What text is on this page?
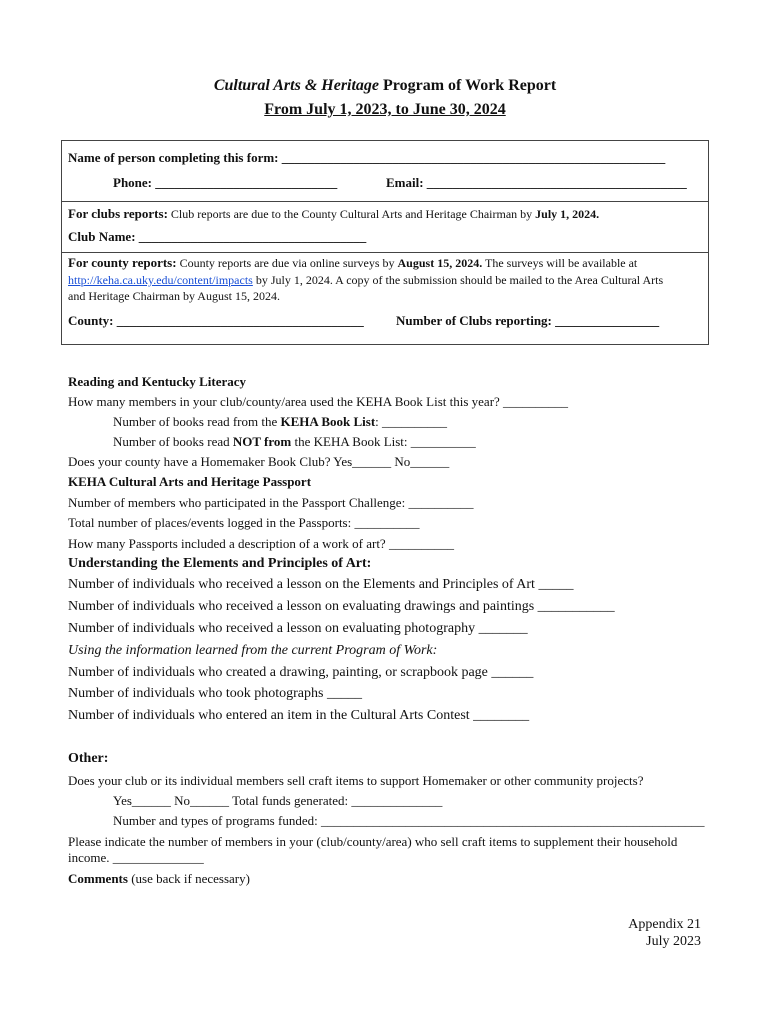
Cultural Arts & Heritage Program of Work Report
From July 1, 2023, to June 30, 2024
Name of person completing this form: ___________________________________________________________
Phone: ____________________________	Email: ________________________________________
For clubs reports: Club reports are due to the County Cultural Arts and Heritage Chairman by July 1, 2024.
Club Name: ___________________________________
For county reports: County reports are due via online surveys by August 15, 2024. The surveys will be available at
http://keha.ca.uky.edu/content/impacts by July 1, 2024. A copy of the submission should be mailed to the Area Cultural Arts
and Heritage Chairman by August 15, 2024.
County: ______________________________________ Number of Clubs reporting: ________________
Reading and Kentucky Literacy
How many members in your club/county/area used the KEHA Book List this year? __________
Number of books read from the KEHA Book List: __________
Number of books read NOT from the KEHA Book List: __________
Does your county have a Homemaker Book Club? Yes______ No______
KEHA Cultural Arts and Heritage Passport
Number of members who participated in the Passport Challenge: __________
Total number of places/events logged in the Passports: __________
How many Passports included a description of a work of art? __________
Understanding the Elements and Principles of Art:
Number of individuals who received a lesson on the Elements and Principles of Art _____
Number of individuals who received a lesson on evaluating drawings and paintings ___________
Number of individuals who received a lesson on evaluating photography _______
Using the information learned from the current Program of Work:
Number of individuals who created a drawing, painting, or scrapbook page ______
Number of individuals who took photographs _____
Number of individuals who entered an item in the Cultural Arts Contest ________
Other:
Does your club or its individual members sell craft items to support Homemaker or other community projects?
Yes______ No______ Total funds generated: ______________
Number and types of programs funded: ___________________________________________________________
Please indicate the number of members in your (club/county/area) who sell craft items to supplement their household
income. ______________
Comments (use back if necessary)
Appendix 21
July 2023
